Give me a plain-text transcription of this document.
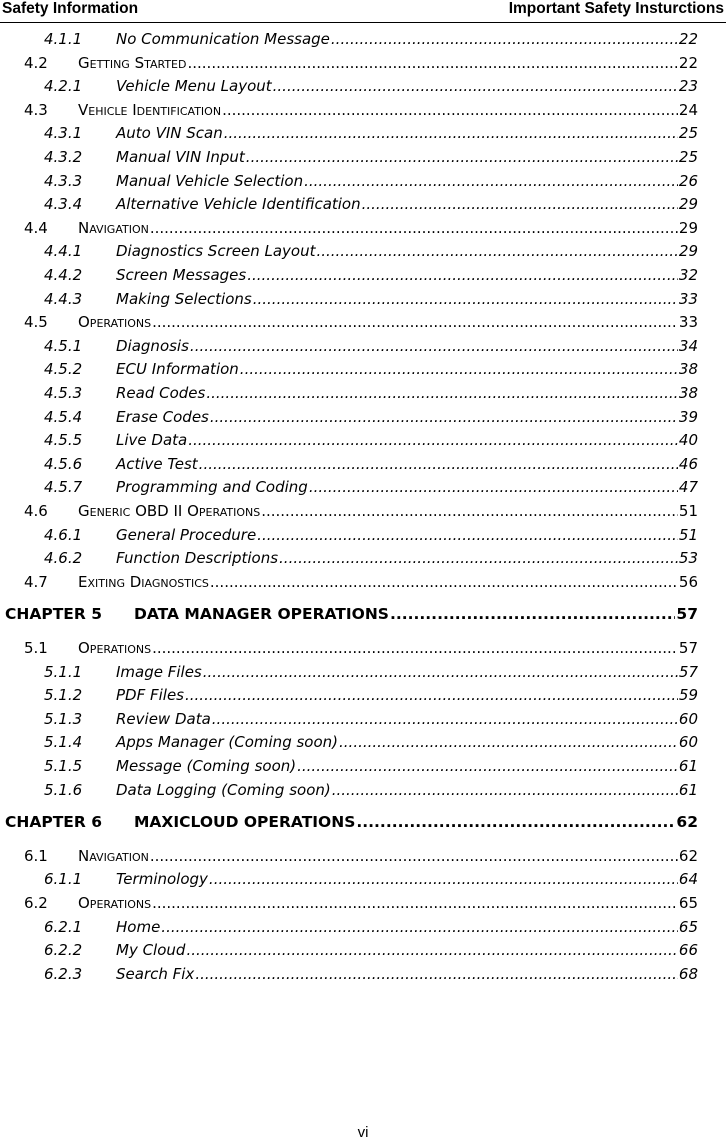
Safety Information	Important Safety Insturctions
4.1.1	No Communication Message .....	22
4.2	Getting Started .....	22
4.2.1	Vehicle Menu Layout .....	23
4.3	Vehicle Identification .....	24
4.3.1	Auto VIN Scan .....	25
4.3.2	Manual VIN Input .....	25
4.3.3	Manual Vehicle Selection .....	26
4.3.4	Alternative Vehicle Identification .....	29
4.4	Navigation .....	29
4.4.1	Diagnostics Screen Layout .....	29
4.4.2	Screen Messages .....	32
4.4.3	Making Selections .....	33
4.5	Operations .....	33
4.5.1	Diagnosis .....	34
4.5.2	ECU Information .....	38
4.5.3	Read Codes .....	38
4.5.4	Erase Codes .....	39
4.5.5	Live Data .....	40
4.5.6	Active Test .....	46
4.5.7	Programming and Coding .....	47
4.6	Generic OBD II Operations .....	51
4.6.1	General Procedure .....	51
4.6.2	Function Descriptions .....	53
4.7	Exiting Diagnostics .....	56
CHAPTER 5	DATA MANAGER OPERATIONS .....	57
5.1	Operations .....	57
5.1.1	Image Files .....	57
5.1.2	PDF Files .....	59
5.1.3	Review Data .....	60
5.1.4	Apps Manager (Coming soon) .....	60
5.1.5	Message (Coming soon) .....	61
5.1.6	Data Logging (Coming soon) .....	61
CHAPTER 6	MAXICLOUD OPERATIONS .....	62
6.1	Navigation .....	62
6.1.1	Terminology .....	64
6.2	Operations .....	65
6.2.1	Home .....	65
6.2.2	My Cloud .....	66
6.2.3	Search Fix .....	68
vi
